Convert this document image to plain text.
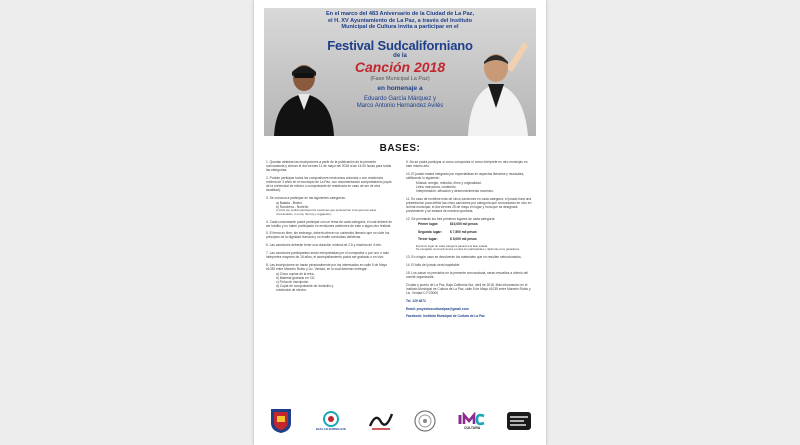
En el marco del 483 Aniversario de la Ciudad de La Paz,
el H. XV Ayuntamiento de La Paz, a través del Instituto
Municipal de Cultura invita a participar en el
Festival Sudcaliforniano
de la
Canción 2018
(Fase Municipal La Paz)
en homenaje a
Eduardo García Márquez y
Marco Antonio Hernández Avilés
BASES:

1. Quedan abiertas las inscripciones a partir de la publicación de la presente convocatoria y cierran el día viernes 11 de mayo del 2018 a las 14:00 horas para todas las categorías.

2. Podrán participar todos los compositores mexicanos oriundos o con residencia mínima de 3 años en el municipio de La Paz, con documentación comprobatoria (copia de la credencial de elector o comprobante de residencia en caso de ser de otra localidad).

3. Se convoca a participar en las siguientes categorías:

a) Balada - Bolero

b) Ranchera - Norteño

c) Libre (se podrán participar las canciones que pertenezcan a los géneros antes mencionados, ni a rap, hip hop y reggaetón).

4. Cada concursante podrá participar con un tema de cada categoría, el cual deberá de ser inédito y no haber participado en emisiones anteriores de este o algún otro festival.

5. El tema es libre, sin embargo, deberá ofrecer un contenido literario que no viole los principios de la dignidad humana y no exalte conductas delictivas.

6. Las canciones deberán tener una duración mínima de 2.5 y máxima de 4 min.

7. Las canciones participantes serán interpretadas por el compositor o por uno o más intérpretes mayores de 16 años, el acompañamiento podrá ser grabado o en vivo.

8. Las inscripciones se harán personalmente por los interesados en calle 5 de Mayo #1035 entre Marcelo Rubio y Lic. Verdad, en lo cual deberán entregar:

a) Cinco copias de la letra.

b) Material grabado en CD.

c) Ficha de inscripción.

d) Copia de comprobante de domicilio y

credencial de elector.

9. No se podrá participar si como compositor ni como intérprete en otro municipio en este mismo año.

10. El jurado estará integrado por especialistas en aspectos literarios y musicales, calificando lo siguiente:

Música: arreglo, melodía, ritmo y originalidad.

Letra: estructura, contenido.

Interpretación: afinación y desenvolvimiento escénico.

11. En caso de recibirse más de cinco canciones en cada categoría, el jurado hará una preselección para definir las cinco canciones por categoría que concursarán en vivo en la final municipal, el día viernes 25 de mayo en lugar y hora que se designará previamente y se avisará de manera oportuna.

12. Se premiarán los tres primeros lugares de cada categoría:

Primer lugar:	$10,000 mil pesos

Segundo lugar:	$ 7,500 mil pesos

Tercer lugar:	$ 5,000 mil pesos

El primer lugar de cada categoría pasará a la fase estatal.

Se otorgarán reconocimientos a todos los participantes y diplomas a los ganadores.

13. En ningún caso se devolverán los materiales que no resulten seleccionados.

14. El fallo del jurado será inapelable.

15. Los casos no previstos en la presente convocatoria, serán resueltos a criterio del comité organizador.

Ciudad y puerto de La Paz, Baja California Sur, abril de 2018. Más información en el Instituto Municipal de Cultura de La Paz, calle 5 de Mayo #1035 entre Marcelo Rubio y Lic. Verdad C.P.23000

Tel. 129 4872

Email: proyectosculturalpaz@gmail.com

Facebook: Instituto Municipal de Cultura de La Paz

BAJA CALIFORNIA SUR	CULTURA
